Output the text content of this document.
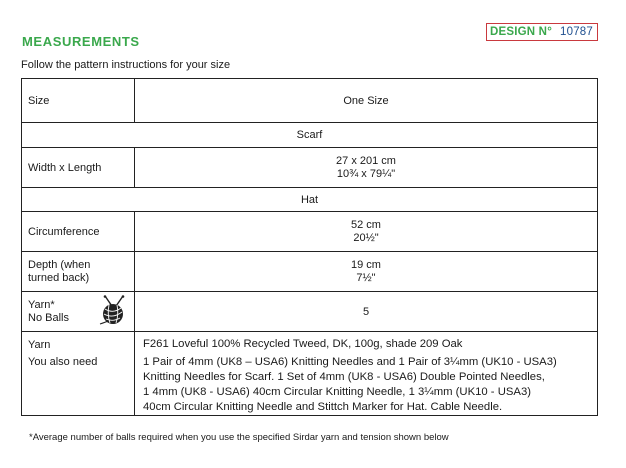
DESIGN N° 10787
MEASUREMENTS
Follow the pattern instructions for your size
Size	One Size
Scarf	
Width x Length	27 x 201 cm
10¾ x 79¼"

Hat	
Circumference	52 cm
20½"

Depth (when
turned back)	19 cm
7½"

Yarn*
No Balls	5

Yarn
You also need	F261 Loveful 100% Recycled Tweed, DK, 100g, shade 209 Oak
1 Pair of 4mm (UK8 – USA6) Knitting Needles and 1 Pair of 3¼mm (UK10 - USA3)
Knitting Needles for Scarf. 1 Set of 4mm (UK8 - USA6) Double Pointed Needles,
1 4mm (UK8 - USA6) 40cm Circular Knitting Needle, 1 3¼mm (UK10 - USA3)
40cm Circular Knitting Needle and Stittch Marker for Hat. Cable Needle.
*Average number of balls required when you use the specified Sirdar yarn and tension shown below
